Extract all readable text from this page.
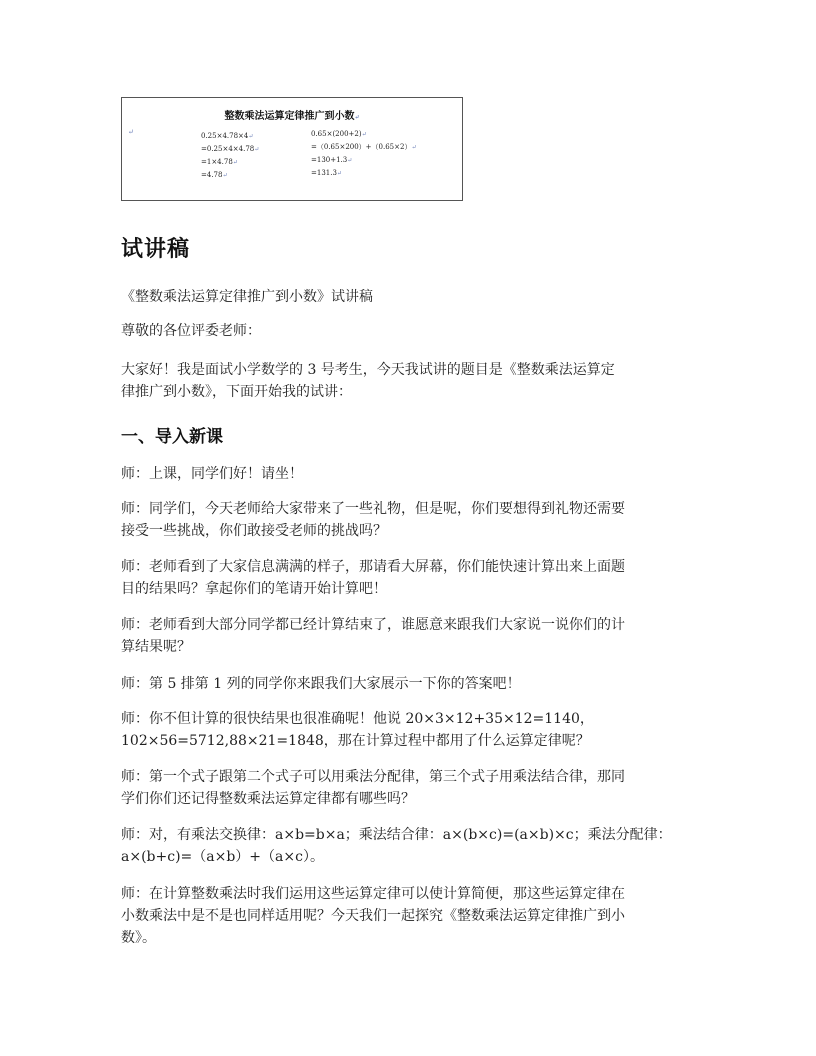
整数乘法运算定律推广到小数↵
↵	0.25×4.78×4↵
=0.25×4×4.78↵
=1×4.78↵
=4.78↵
0.65×(200+2)↵
=（0.65×200）+（0.65×2）↵
=130+1.3↵
=131.3↵
试讲稿
《整数乘法运算定律推广到小数》试讲稿
尊敬的各位评委老师：
大家好！我是面试小学数学的 3 号考生，今天我试讲的题目是《整数乘法运算定
律推广到小数》，下面开始我的试讲：
一、导入新课
师：上课，同学们好！请坐！
师：同学们，今天老师给大家带来了一些礼物，但是呢，你们要想得到礼物还需要
接受一些挑战，你们敢接受老师的挑战吗？
师：老师看到了大家信息满满的样子，那请看大屏幕，你们能快速计算出来上面题
目的结果吗？拿起你们的笔请开始计算吧！
师：老师看到大部分同学都已经计算结束了，谁愿意来跟我们大家说一说你们的计
算结果呢？
师：第 5 排第 1 列的同学你来跟我们大家展示一下你的答案吧！
师：你不但计算的很快结果也很准确呢！他说 20×3×12+35×12=1140，
102×56=5712,88×21=1848，那在计算过程中都用了什么运算定律呢？
师：第一个式子跟第二个式子可以用乘法分配律，第三个式子用乘法结合律，那同
学们你们还记得整数乘法运算定律都有哪些吗？
师：对，有乘法交换律：a×b=b×a；乘法结合律：a×(b×c)=(a×b)×c；乘法分配律：
a×(b+c)=（a×b）+（a×c）。
师：在计算整数乘法时我们运用这些运算定律可以使计算简便，那这些运算定律在
小数乘法中是不是也同样适用呢？今天我们一起探究《整数乘法运算定律推广到小
数》。
